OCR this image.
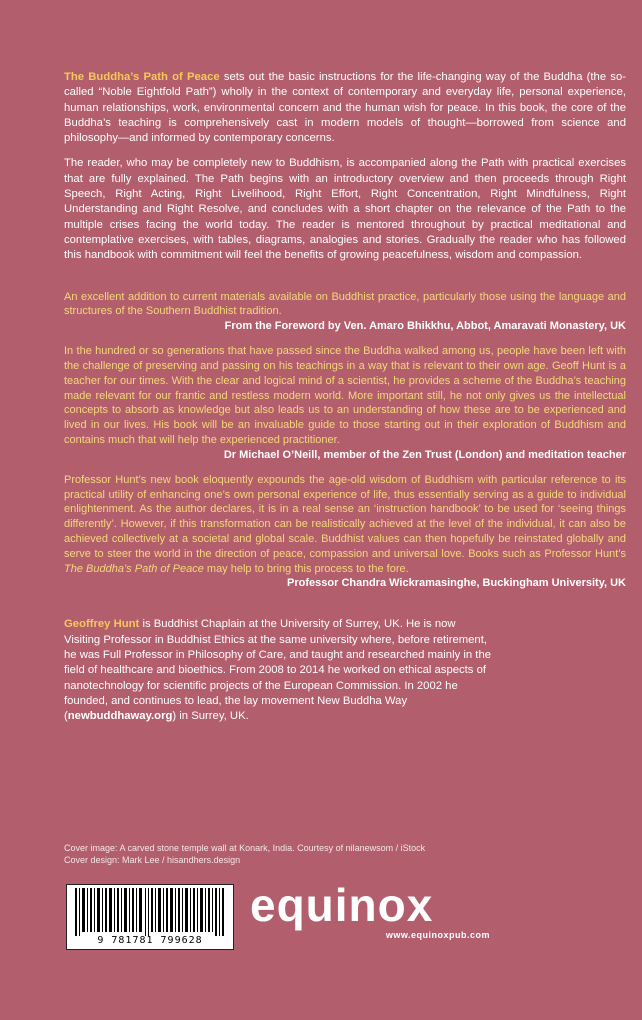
The Buddha’s Path of Peace sets out the basic instructions for the life-changing way of the Buddha (the so-called “Noble Eightfold Path”) wholly in the context of contemporary and everyday life, personal experience, human relationships, work, environmental concern and the human wish for peace. In this book, the core of the Buddha’s teaching is comprehensively cast in modern models of thought—borrowed from science and philosophy—and informed by contemporary concerns.

The reader, who may be completely new to Buddhism, is accompanied along the Path with practical exercises that are fully explained. The Path begins with an introductory overview and then proceeds through Right Speech, Right Acting, Right Livelihood, Right Effort, Right Concentration, Right Mindfulness, Right Understanding and Right Resolve, and concludes with a short chapter on the relevance of the Path to the multiple crises facing the world today. The reader is mentored throughout by practical meditational and contemplative exercises, with tables, diagrams, analogies and stories. Gradually the reader who has followed this handbook with commitment will feel the benefits of growing peacefulness, wisdom and compassion.

An excellent addition to current materials available on Buddhist practice, particularly those using the language and structures of the Southern Buddhist tradition.

From the Foreword by Ven. Amaro Bhikkhu, Abbot, Amaravati Monastery, UK

In the hundred or so generations that have passed since the Buddha walked among us, people have been left with the challenge of preserving and passing on his teachings in a way that is relevant to their own age. Geoff Hunt is a teacher for our times. With the clear and logical mind of a scientist, he provides a scheme of the Buddha’s teaching made relevant for our frantic and restless modern world. More important still, he not only gives us the intellectual concepts to absorb as knowledge but also leads us to an understanding of how these are to be experienced and lived in our lives. His book will be an invaluable guide to those starting out in their exploration of Buddhism and contains much that will help the experienced practitioner.

Dr Michael O’Neill, member of the Zen Trust (London) and meditation teacher

Professor Hunt’s new book eloquently expounds the age-old wisdom of Buddhism with particular reference to its practical utility of enhancing one’s own personal experience of life, thus essentially serving as a guide to individual enlightenment. As the author declares, it is in a real sense an ‘instruction handbook’ to be used for ‘seeing things differently’. However, if this transformation can be realistically achieved at the level of the individual, it can also be achieved collectively at a societal and global scale. Buddhist values can then hopefully be reinstated globally and serve to steer the world in the direction of peace, compassion and universal love. Books such as Professor Hunt’s The Buddha’s Path of Peace may help to bring this process to the fore.

Professor Chandra Wickramasinghe, Buckingham University, UK

Geoffrey Hunt is Buddhist Chaplain at the University of Surrey, UK. He is now Visiting Professor in Buddhist Ethics at the same university where, before retirement, he was Full Professor in Philosophy of Care, and taught and researched mainly in the field of healthcare and bioethics. From 2008 to 2014 he worked on ethical aspects of nanotechnology for scientific projects of the European Commission. In 2002 he founded, and continues to lead, the lay movement New Buddha Way (newbuddhaway.org) in Surrey, UK.

Cover image: A carved stone temple wall at Konark, India. Courtesy of nilanewsom / iStock
Cover design: Mark Lee / hisandhers.design
9 781781 799628
equinox
www.equinoxpub.com
